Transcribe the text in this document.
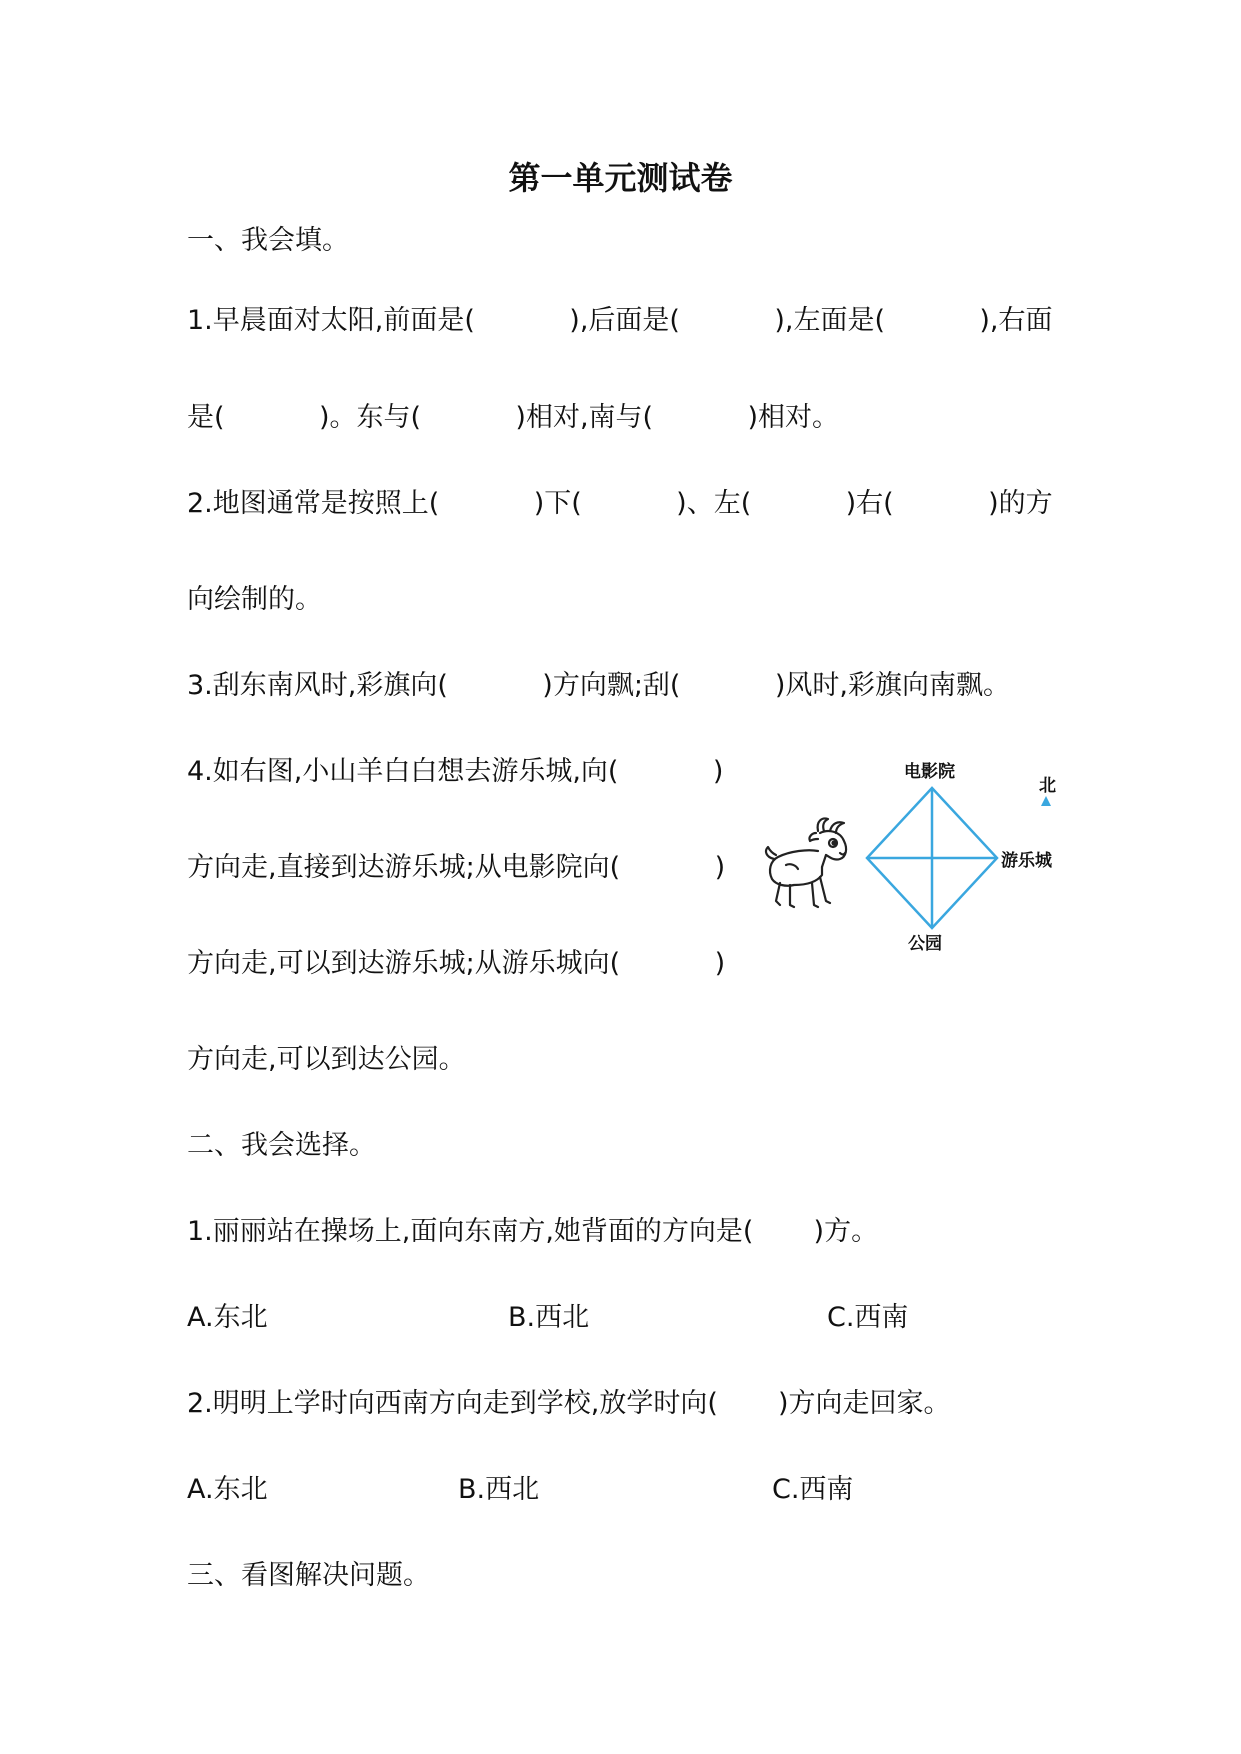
第一单元测试卷
一、我会填。
1.早晨面对太阳,前面是(           ),后面是(           ),左面是(           ),右面
是(           )。东与(           )相对,南与(           )相对。
2.地图通常是按照上(           )下(           )、左(           )右(           )的方
向绘制的。
3.刮东南风时,彩旗向(           )方向飘;刮(           )风时,彩旗向南飘。
4.如右图,小山羊白白想去游乐城,向(           )
方向走,直接到达游乐城;从电影院向(           )
方向走,可以到达游乐城;从游乐城向(           )
方向走,可以到达公园。
电影院
游乐城
公园
北
二、我会选择。
1.丽丽站在操场上,面向东南方,她背面的方向是(       )方。
A.东北	B.西北	C.西南
2.明明上学时向西南方向走到学校,放学时向(       )方向走回家。
A.东北	B.西北	C.西南
三、看图解决问题。
